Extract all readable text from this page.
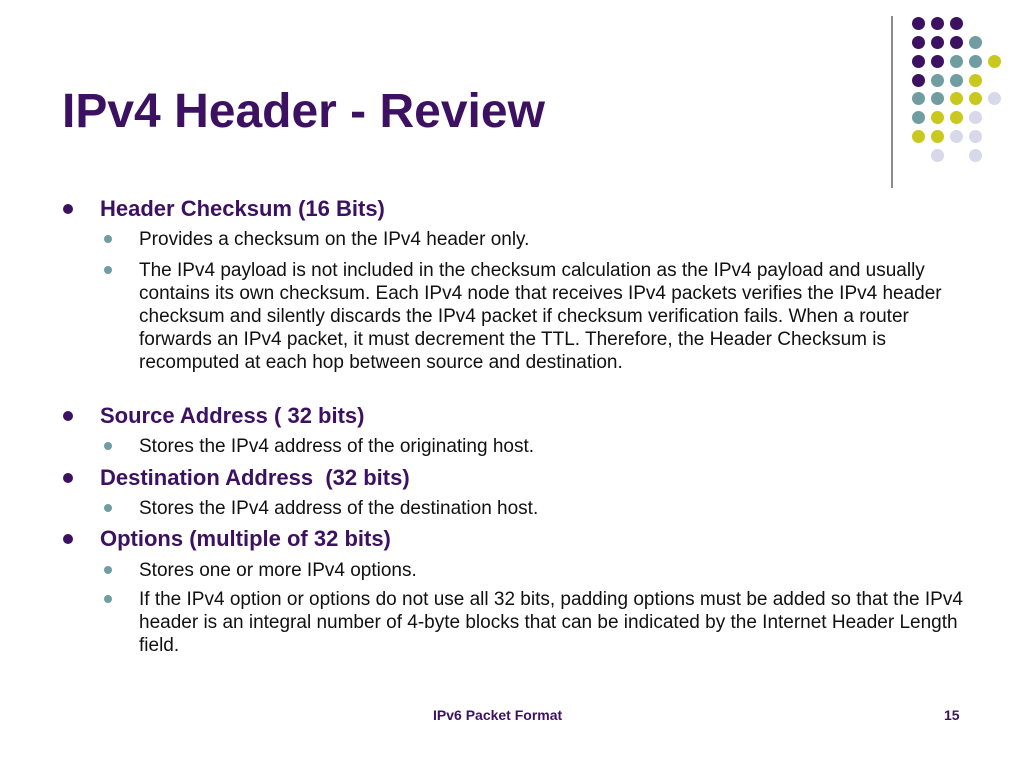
IPv4 Header - Review
Header Checksum (16 Bits)
Provides a checksum on the IPv4 header only.
The IPv4 payload is not included in the checksum calculation as the IPv4 payload and usually contains its own checksum. Each IPv4 node that receives IPv4 packets verifies the IPv4 header checksum and silently discards the IPv4 packet if checksum verification fails. When a router forwards an IPv4 packet, it must decrement the TTL. Therefore, the Header Checksum is recomputed at each hop between source and destination.
Source Address ( 32 bits)
Stores the IPv4 address of the originating host.
Destination Address  (32 bits)
Stores the IPv4 address of the destination host.
Options (multiple of 32 bits)
Stores one or more IPv4 options.
If the IPv4 option or options do not use all 32 bits, padding options must be added so that the IPv4 header is an integral number of 4-byte blocks that can be indicated by the Internet Header Length field.
IPv6 Packet Format	15
